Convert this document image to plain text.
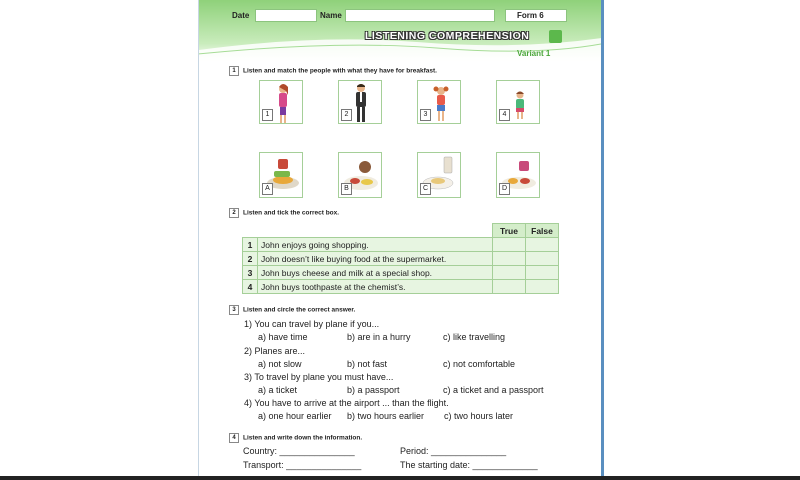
Date	Name	Form 6
LISTENING COMPREHENSION
Variant 1
1 Listen and match the people with what they have for breakfast.
1	2	3	4
A	B	C	D
2 Listen and tick the correct box.
		True	False
1	John enjoys going shopping.		
2	John doesn’t like buying food at the supermarket.		
3	John buys cheese and milk at a special shop.		
4	John buys toothpaste at the chemist’s.		
3 Listen and circle the correct answer.
1) You can travel by plane if you...
a) have time	b) are in a hurry	c) like travelling
2) Planes are...
a) not slow	b) not fast	c) not comfortable
3) To travel by plane you must have...
a) a ticket	b) a passport	c) a ticket and a passport
4) You have to arrive at the airport ... than the flight.
a) one hour earlier b) two hours earlier c) two hours later
4 Listen and write down the information.
Country: _______________	Period: _______________
Transport: _______________	The starting date: _____________
